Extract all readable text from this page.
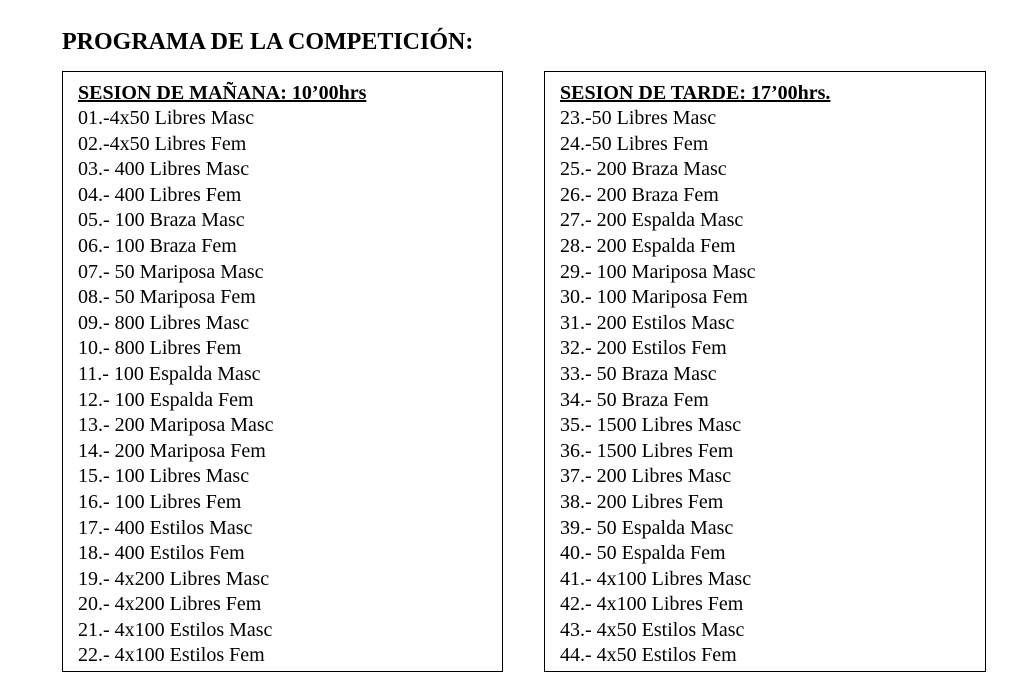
PROGRAMA DE LA COMPETICIÓN:
SESION DE MAÑANA: 10’00hrs
01.-4x50 Libres Masc
02.-4x50 Libres Fem
03.- 400 Libres Masc
04.- 400 Libres Fem
05.- 100 Braza Masc
06.- 100 Braza Fem
07.- 50 Mariposa Masc
08.- 50 Mariposa Fem
09.- 800 Libres Masc
10.- 800 Libres Fem
11.- 100 Espalda Masc
12.- 100 Espalda Fem
13.- 200 Mariposa Masc
14.- 200 Mariposa Fem
15.- 100 Libres Masc
16.- 100 Libres Fem
17.- 400 Estilos Masc
18.- 400 Estilos Fem
19.- 4x200 Libres Masc
20.- 4x200 Libres Fem
21.- 4x100 Estilos Masc
22.- 4x100 Estilos Fem
SESION DE TARDE: 17’00hrs.
23.-50 Libres Masc
24.-50 Libres Fem
25.- 200 Braza Masc
26.- 200 Braza Fem
27.- 200 Espalda Masc
28.- 200 Espalda Fem
29.- 100 Mariposa Masc
30.- 100 Mariposa Fem
31.- 200 Estilos Masc
32.- 200 Estilos Fem
33.- 50 Braza Masc
34.- 50 Braza Fem
35.- 1500 Libres Masc
36.- 1500 Libres Fem
37.- 200 Libres Masc
38.- 200 Libres Fem
39.- 50 Espalda Masc
40.- 50 Espalda Fem
41.- 4x100 Libres Masc
42.- 4x100 Libres Fem
43.- 4x50 Estilos Masc
44.- 4x50 Estilos Fem
